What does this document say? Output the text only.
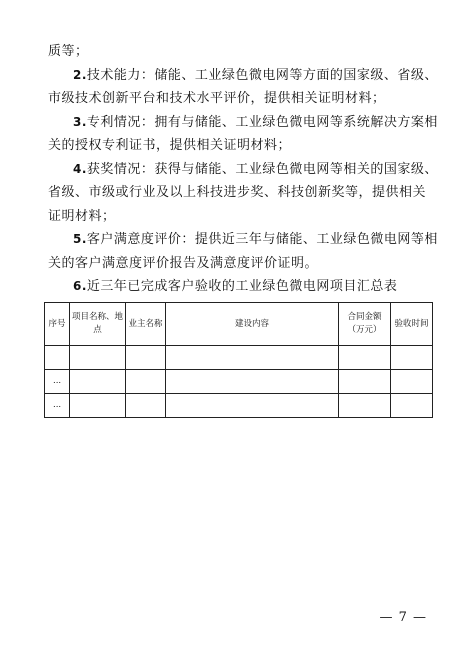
质等；
2.技术能力：储能、工业绿色微电网等方面的国家级、省级、
市级技术创新平台和技术水平评价，提供相关证明材料；
3.专利情况：拥有与储能、工业绿色微电网等系统解决方案相
关的授权专利证书，提供相关证明材料；
4.获奖情况：获得与储能、工业绿色微电网等相关的国家级、
省级、市级或行业及以上科技进步奖、科技创新奖等，提供相关
证明材料；
5.客户满意度评价：提供近三年与储能、工业绿色微电网等相
关的客户满意度评价报告及满意度评价证明。
6.近三年已完成客户验收的工业绿色微电网项目汇总表
序号	项目名称、地点	业主名称	建设内容	合同金额（万元）	验收时间

...					
...					
— 7 —
